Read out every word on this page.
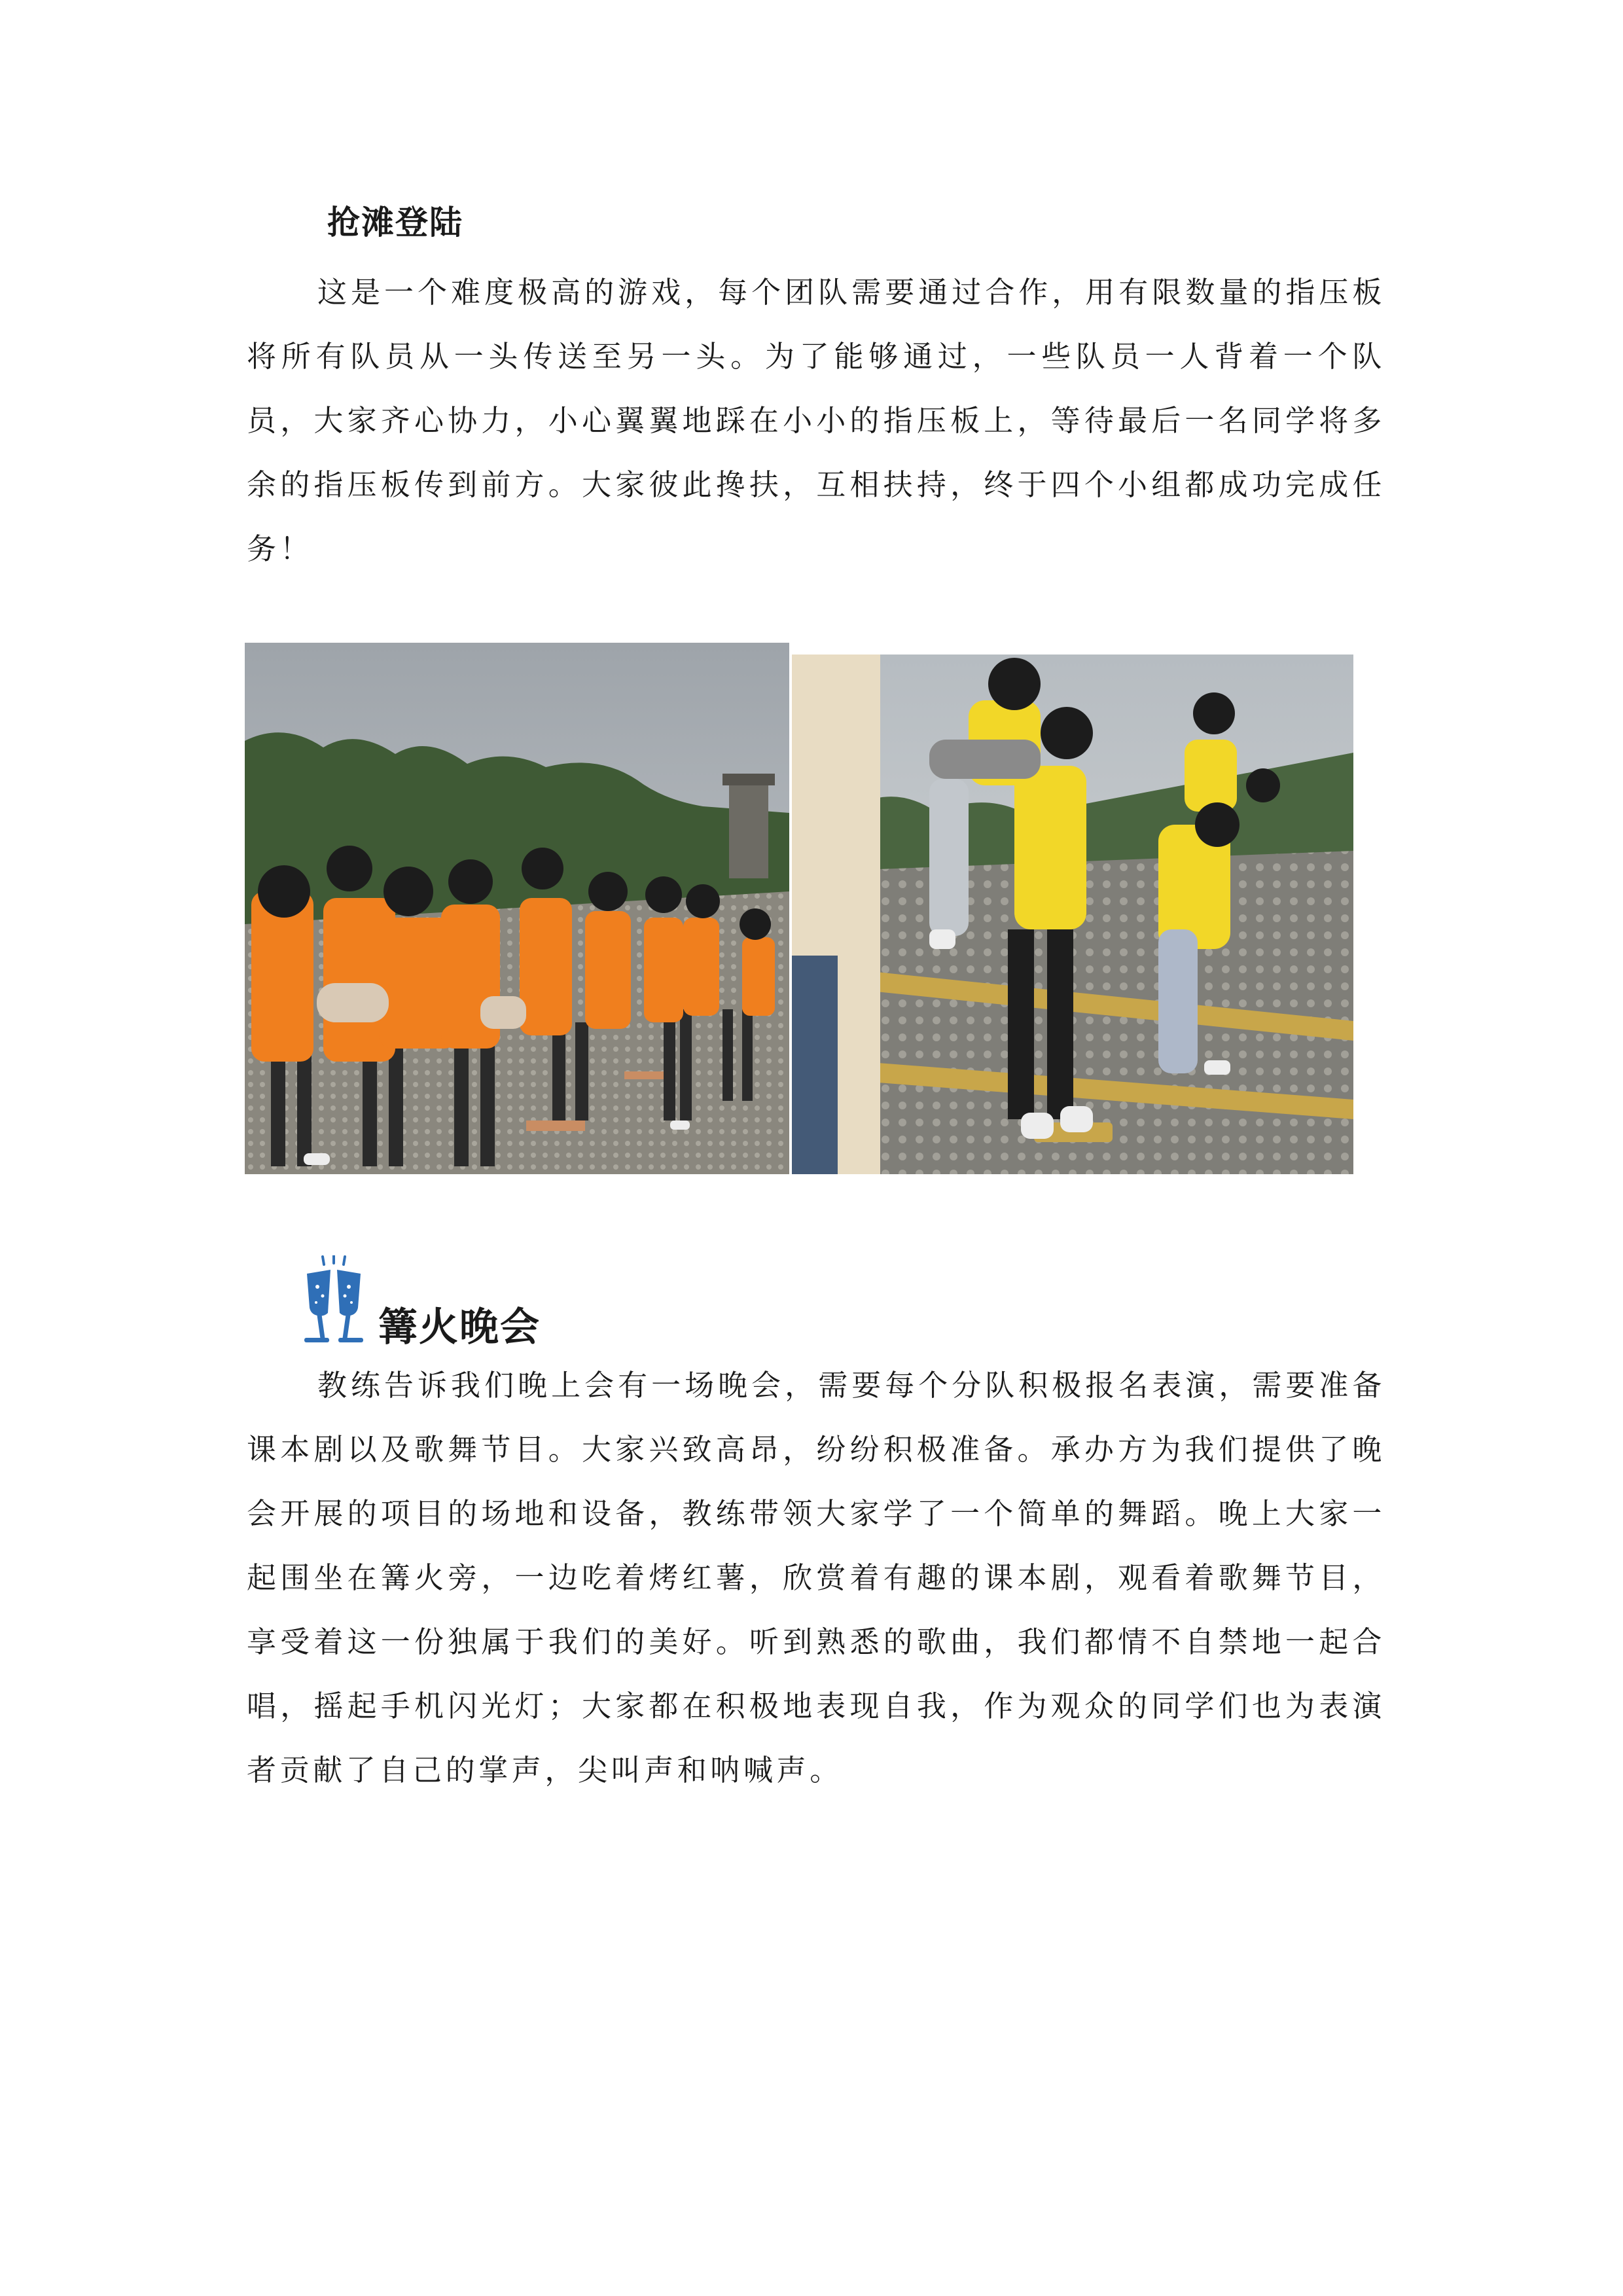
抢滩登陆

这是一个难度极高的游戏，每个团队需要通过合作，用有限数量的指压板将所有队员从一头传送至另一头。为了能够通过，一些队员一人背着一个队员，大家齐心协力，小心翼翼地踩在小小的指压板上，等待最后一名同学将多余的指压板传到前方。大家彼此搀扶，互相扶持，终于四个小组都成功完成任务！

篝火晚会

教练告诉我们晚上会有一场晚会，需要每个分队积极报名表演，需要准备课本剧以及歌舞节目。大家兴致高昂，纷纷积极准备。承办方为我们提供了晚会开展的项目的场地和设备，教练带领大家学了一个简单的舞蹈。晚上大家一起围坐在篝火旁，一边吃着烤红薯，欣赏着有趣的课本剧，观看着歌舞节目，享受着这一份独属于我们的美好。听到熟悉的歌曲，我们都情不自禁地一起合唱，摇起手机闪光灯；大家都在积极地表现自我，作为观众的同学们也为表演者贡献了自己的掌声，尖叫声和呐喊声。
